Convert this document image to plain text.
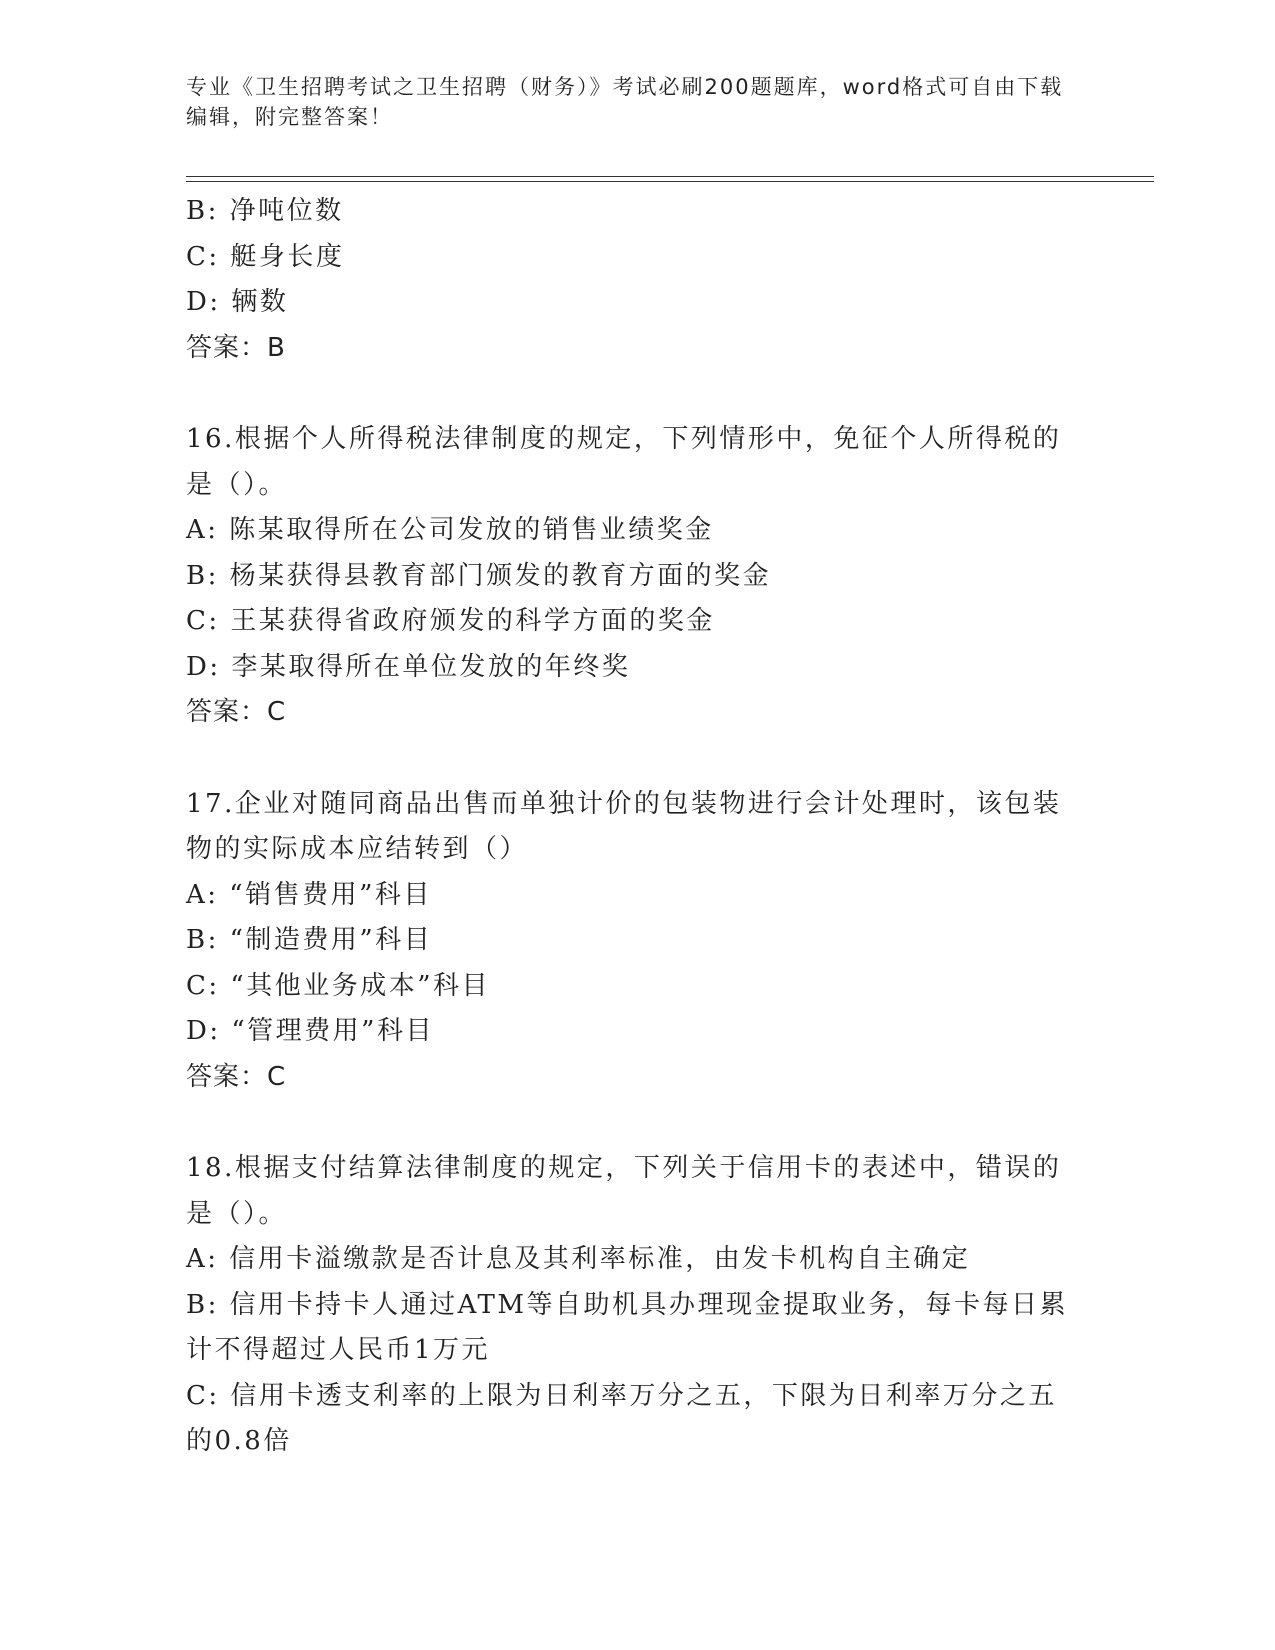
专业《卫生招聘考试之卫生招聘（财务）》考试必刷200题题库，word格式可自由下载编辑，附完整答案！
B: 净吨位数
C: 艇身长度
D: 辆数
答案：B
16.根据个人所得税法律制度的规定，下列情形中，免征个人所得税的是（）。
A: 陈某取得所在公司发放的销售业绩奖金
B: 杨某获得县教育部门颁发的教育方面的奖金
C: 王某获得省政府颁发的科学方面的奖金
D: 李某取得所在单位发放的年终奖
答案：C
17.企业对随同商品出售而单独计价的包装物进行会计处理时，该包装物的实际成本应结转到（）
A: “销售费用”科目
B: “制造费用”科目
C: “其他业务成本”科目
D: “管理费用”科目
答案：C
18.根据支付结算法律制度的规定，下列关于信用卡的表述中，错误的是（）。
A: 信用卡溢缴款是否计息及其利率标准，由发卡机构自主确定
B: 信用卡持卡人通过ATM等自助机具办理现金提取业务，每卡每日累计不得超过人民币1万元
C: 信用卡透支利率的上限为日利率万分之五，下限为日利率万分之五的0.8倍
